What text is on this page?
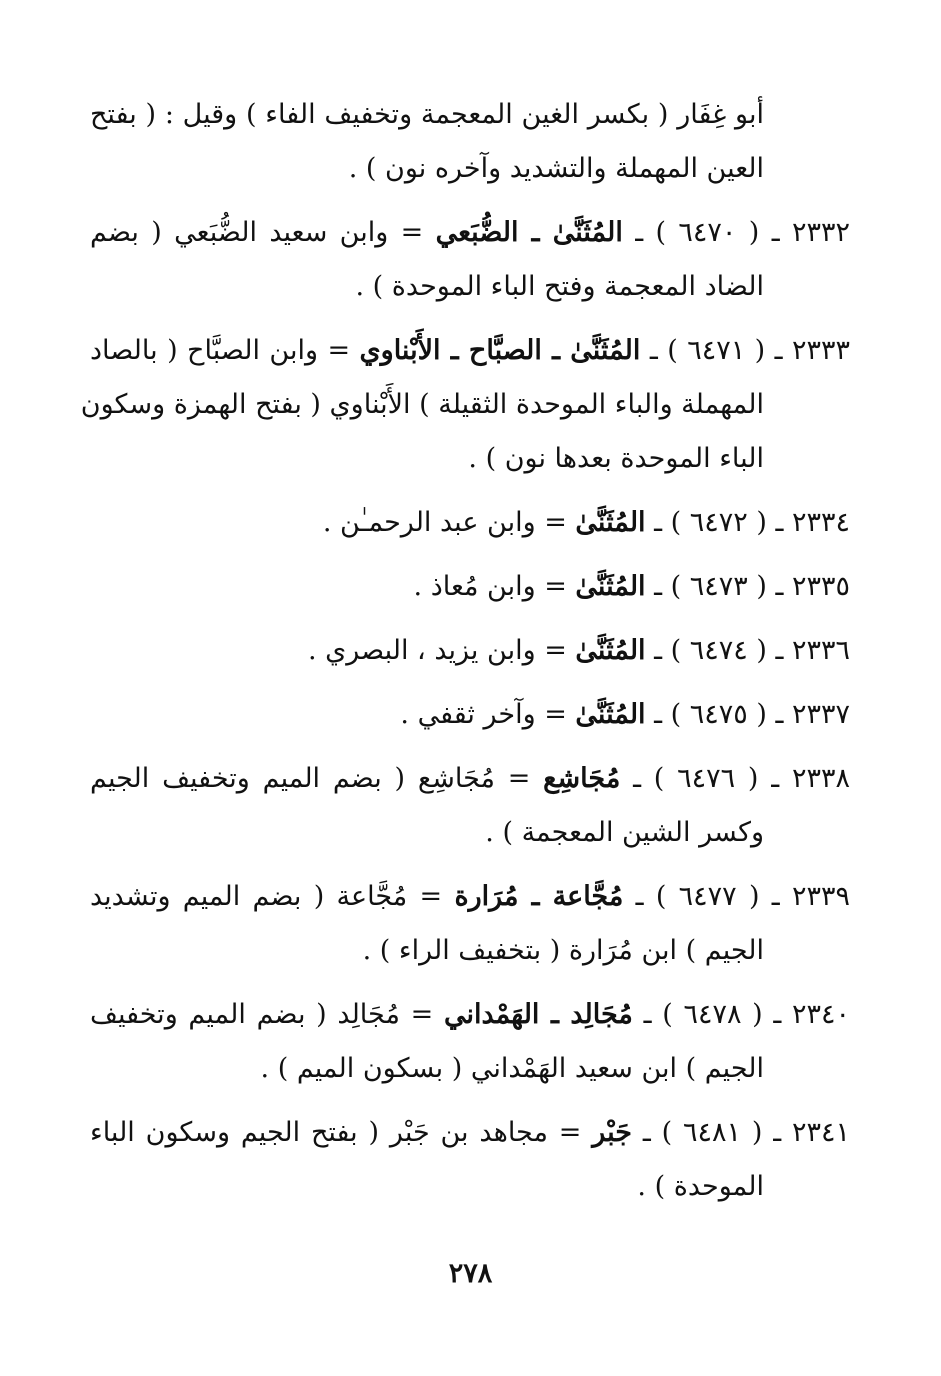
أبو غِفَار ( بكسر الغين المعجمة وتخفيف الفاء ) وقيل : ( بفتح
العين المهملة والتشديد وآخره نون ) .
٢٣٣٢ ـ ( ٦٤٧٠ ) ـ المُثَنَّىٰ ـ الضُّبَعي = وابن سعيد الضُّبَعي ( بضم
الضاد المعجمة وفتح الباء الموحدة ) .
٢٣٣٣ ـ ( ٦٤٧١ ) ـ المُثَنَّىٰ ـ الصبَّاح ـ الأَبْناوي = وابن الصبَّاح ( بالصاد
المهملة والباء الموحدة الثقيلة ) الأَبْناوي ( بفتح الهمزة وسكون
الباء الموحدة بعدها نون ) .
٢٣٣٤ ـ ( ٦٤٧٢ ) ـ المُثَنَّىٰ = وابن عبد الرحمـٰن .
٢٣٣٥ ـ ( ٦٤٧٣ ) ـ المُثَنَّىٰ = وابن مُعاذ .
٢٣٣٦ ـ ( ٦٤٧٤ ) ـ المُثَنَّىٰ = وابن يزيد ، البصري .
٢٣٣٧ ـ ( ٦٤٧٥ ) ـ المُثَنَّىٰ = وآخر ثقفي .
٢٣٣٨ ـ ( ٦٤٧٦ ) ـ مُجَاشِع = مُجَاشِع ( بضم الميم وتخفيف الجيم
وكسر الشين المعجمة ) .
٢٣٣٩ ـ ( ٦٤٧٧ ) ـ مُجَّاعة ـ مُرَارة = مُجَّاعة ( بضم الميم وتشديد
الجيم ) ابن مُرَارة ( بتخفيف الراء ) .
٢٣٤٠ ـ ( ٦٤٧٨ ) ـ مُجَالِد ـ الهَمْداني = مُجَالِد ( بضم الميم وتخفيف
الجيم ) ابن سعيد الهَمْداني ( بسكون الميم ) .
٢٣٤١ ـ ( ٦٤٨١ ) ـ جَبْر = مجاهد بن جَبْر ( بفتح الجيم وسكون الباء
الموحدة ) .
٢٧٨
